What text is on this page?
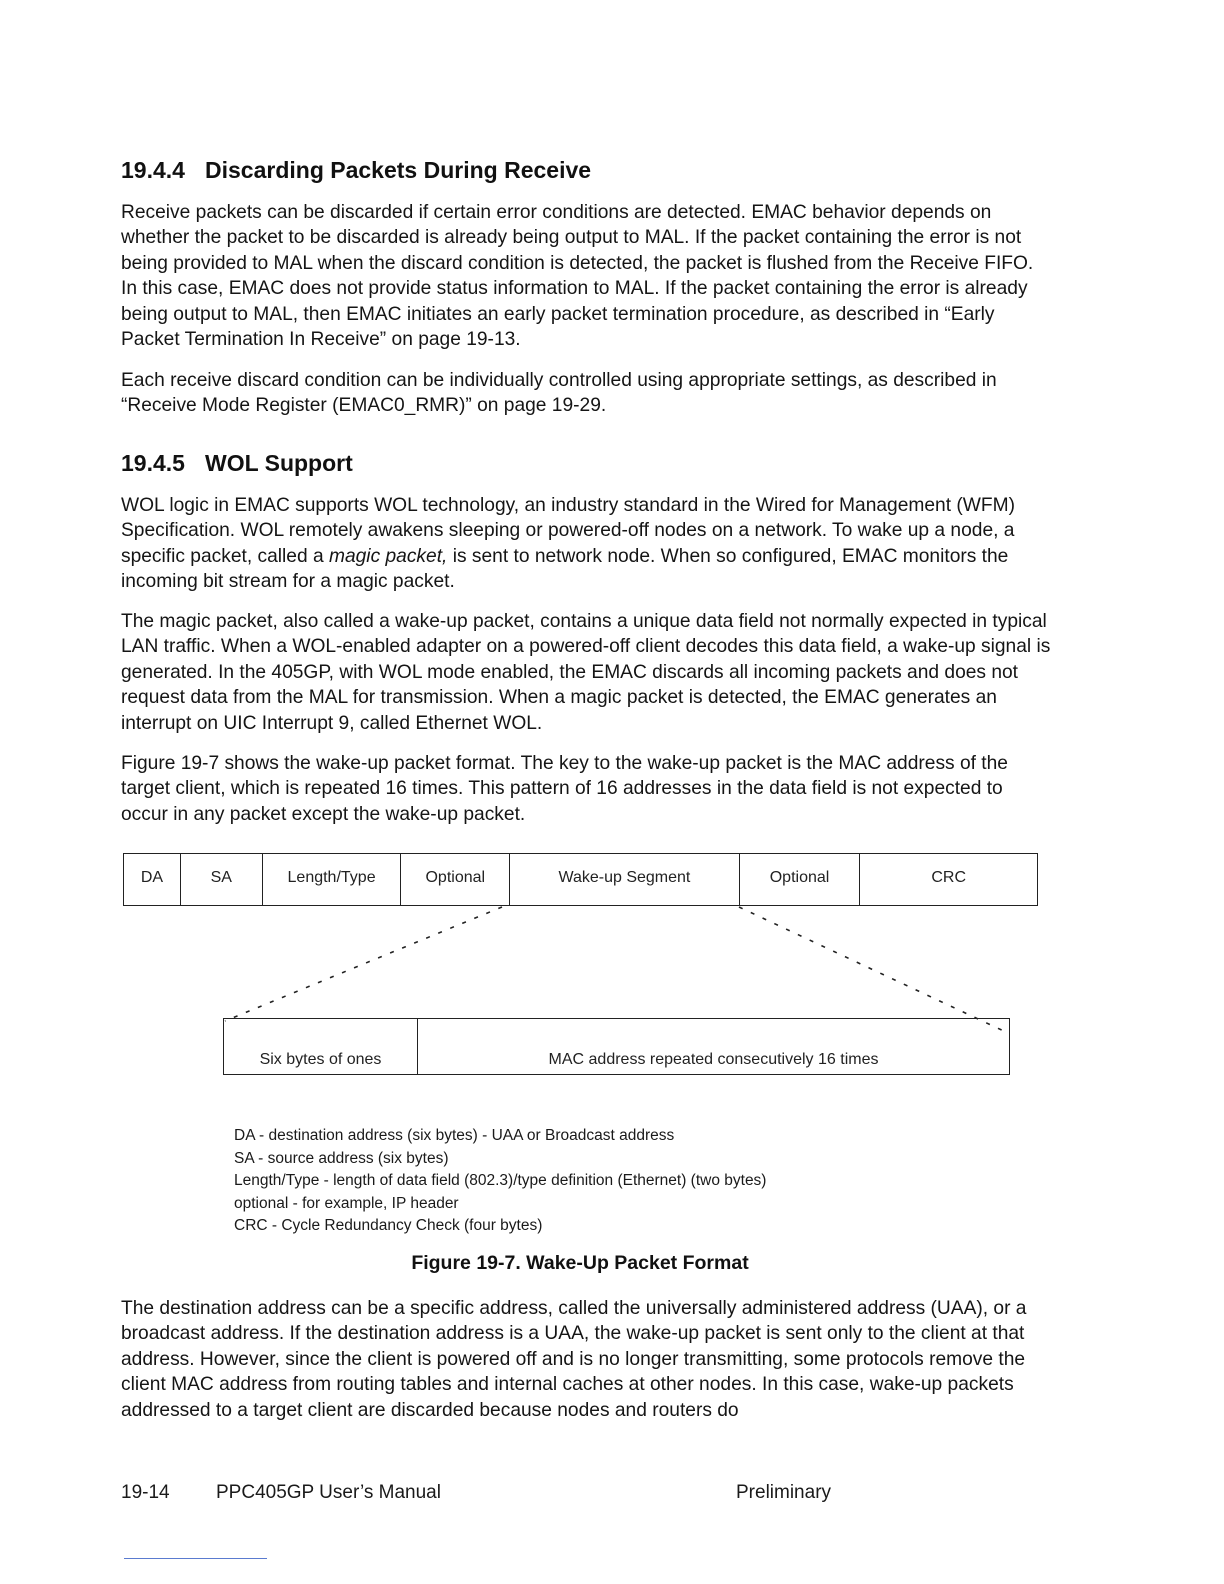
19.4.4 Discarding Packets During Receive

Receive packets can be discarded if certain error conditions are detected. EMAC behavior depends on whether the packet to be discarded is already being output to MAL. If the packet containing the error is not being provided to MAL when the discard condition is detected, the packet is flushed from the Receive FIFO. In this case, EMAC does not provide status information to MAL. If the packet containing the error is already being output to MAL, then EMAC initiates an early packet termination procedure, as described in “Early Packet Termination In Receive” on page 19-13.

Each receive discard condition can be individually controlled using appropriate settings, as described in “Receive Mode Register (EMAC0_RMR)” on page 19-29.

19.4.5 WOL Support

WOL logic in EMAC supports WOL technology, an industry standard in the Wired for Management (WFM) Specification. WOL remotely awakens sleeping or powered-off nodes on a network. To wake up a node, a specific packet, called a magic packet, is sent to network node. When so configured, EMAC monitors the incoming bit stream for a magic packet.

The magic packet, also called a wake-up packet, contains a unique data field not normally expected in typical LAN traffic. When a WOL-enabled adapter on a powered-off client decodes this data field, a wake-up signal is generated. In the 405GP, with WOL mode enabled, the EMAC discards all incoming packets and does not request data from the MAL for transmission. When a magic packet is detected, the EMAC generates an interrupt on UIC Interrupt 9, called Ethernet WOL.

Figure 19-7 shows the wake-up packet format. The key to the wake-up packet is the MAC address of the target client, which is repeated 16 times. This pattern of 16 addresses in the data field is not expected to occur in any packet except the wake-up packet.

DA	SA	Length/Type	Optional	Wake-up Segment	Optional	CRC
Six bytes of ones	MAC address repeated consecutively 16 times
DA - destination address (six bytes) - UAA or Broadcast address
SA - source address (six bytes)
Length/Type - length of data field (802.3)/type definition (Ethernet) (two bytes)
optional - for example, IP header
CRC - Cycle Redundancy Check (four bytes)
Figure 19-7. Wake-Up Packet Format

The destination address can be a specific address, called the universally administered address (UAA), or a broadcast address. If the destination address is a UAA, the wake-up packet is sent only to the client at that address. However, since the client is powered off and is no longer transmitting, some protocols remove the client MAC address from routing tables and internal caches at other nodes. In this case, wake-up packets addressed to a target client are discarded because nodes and routers do

19-14 PPC405GP User’s Manual	Preliminary
